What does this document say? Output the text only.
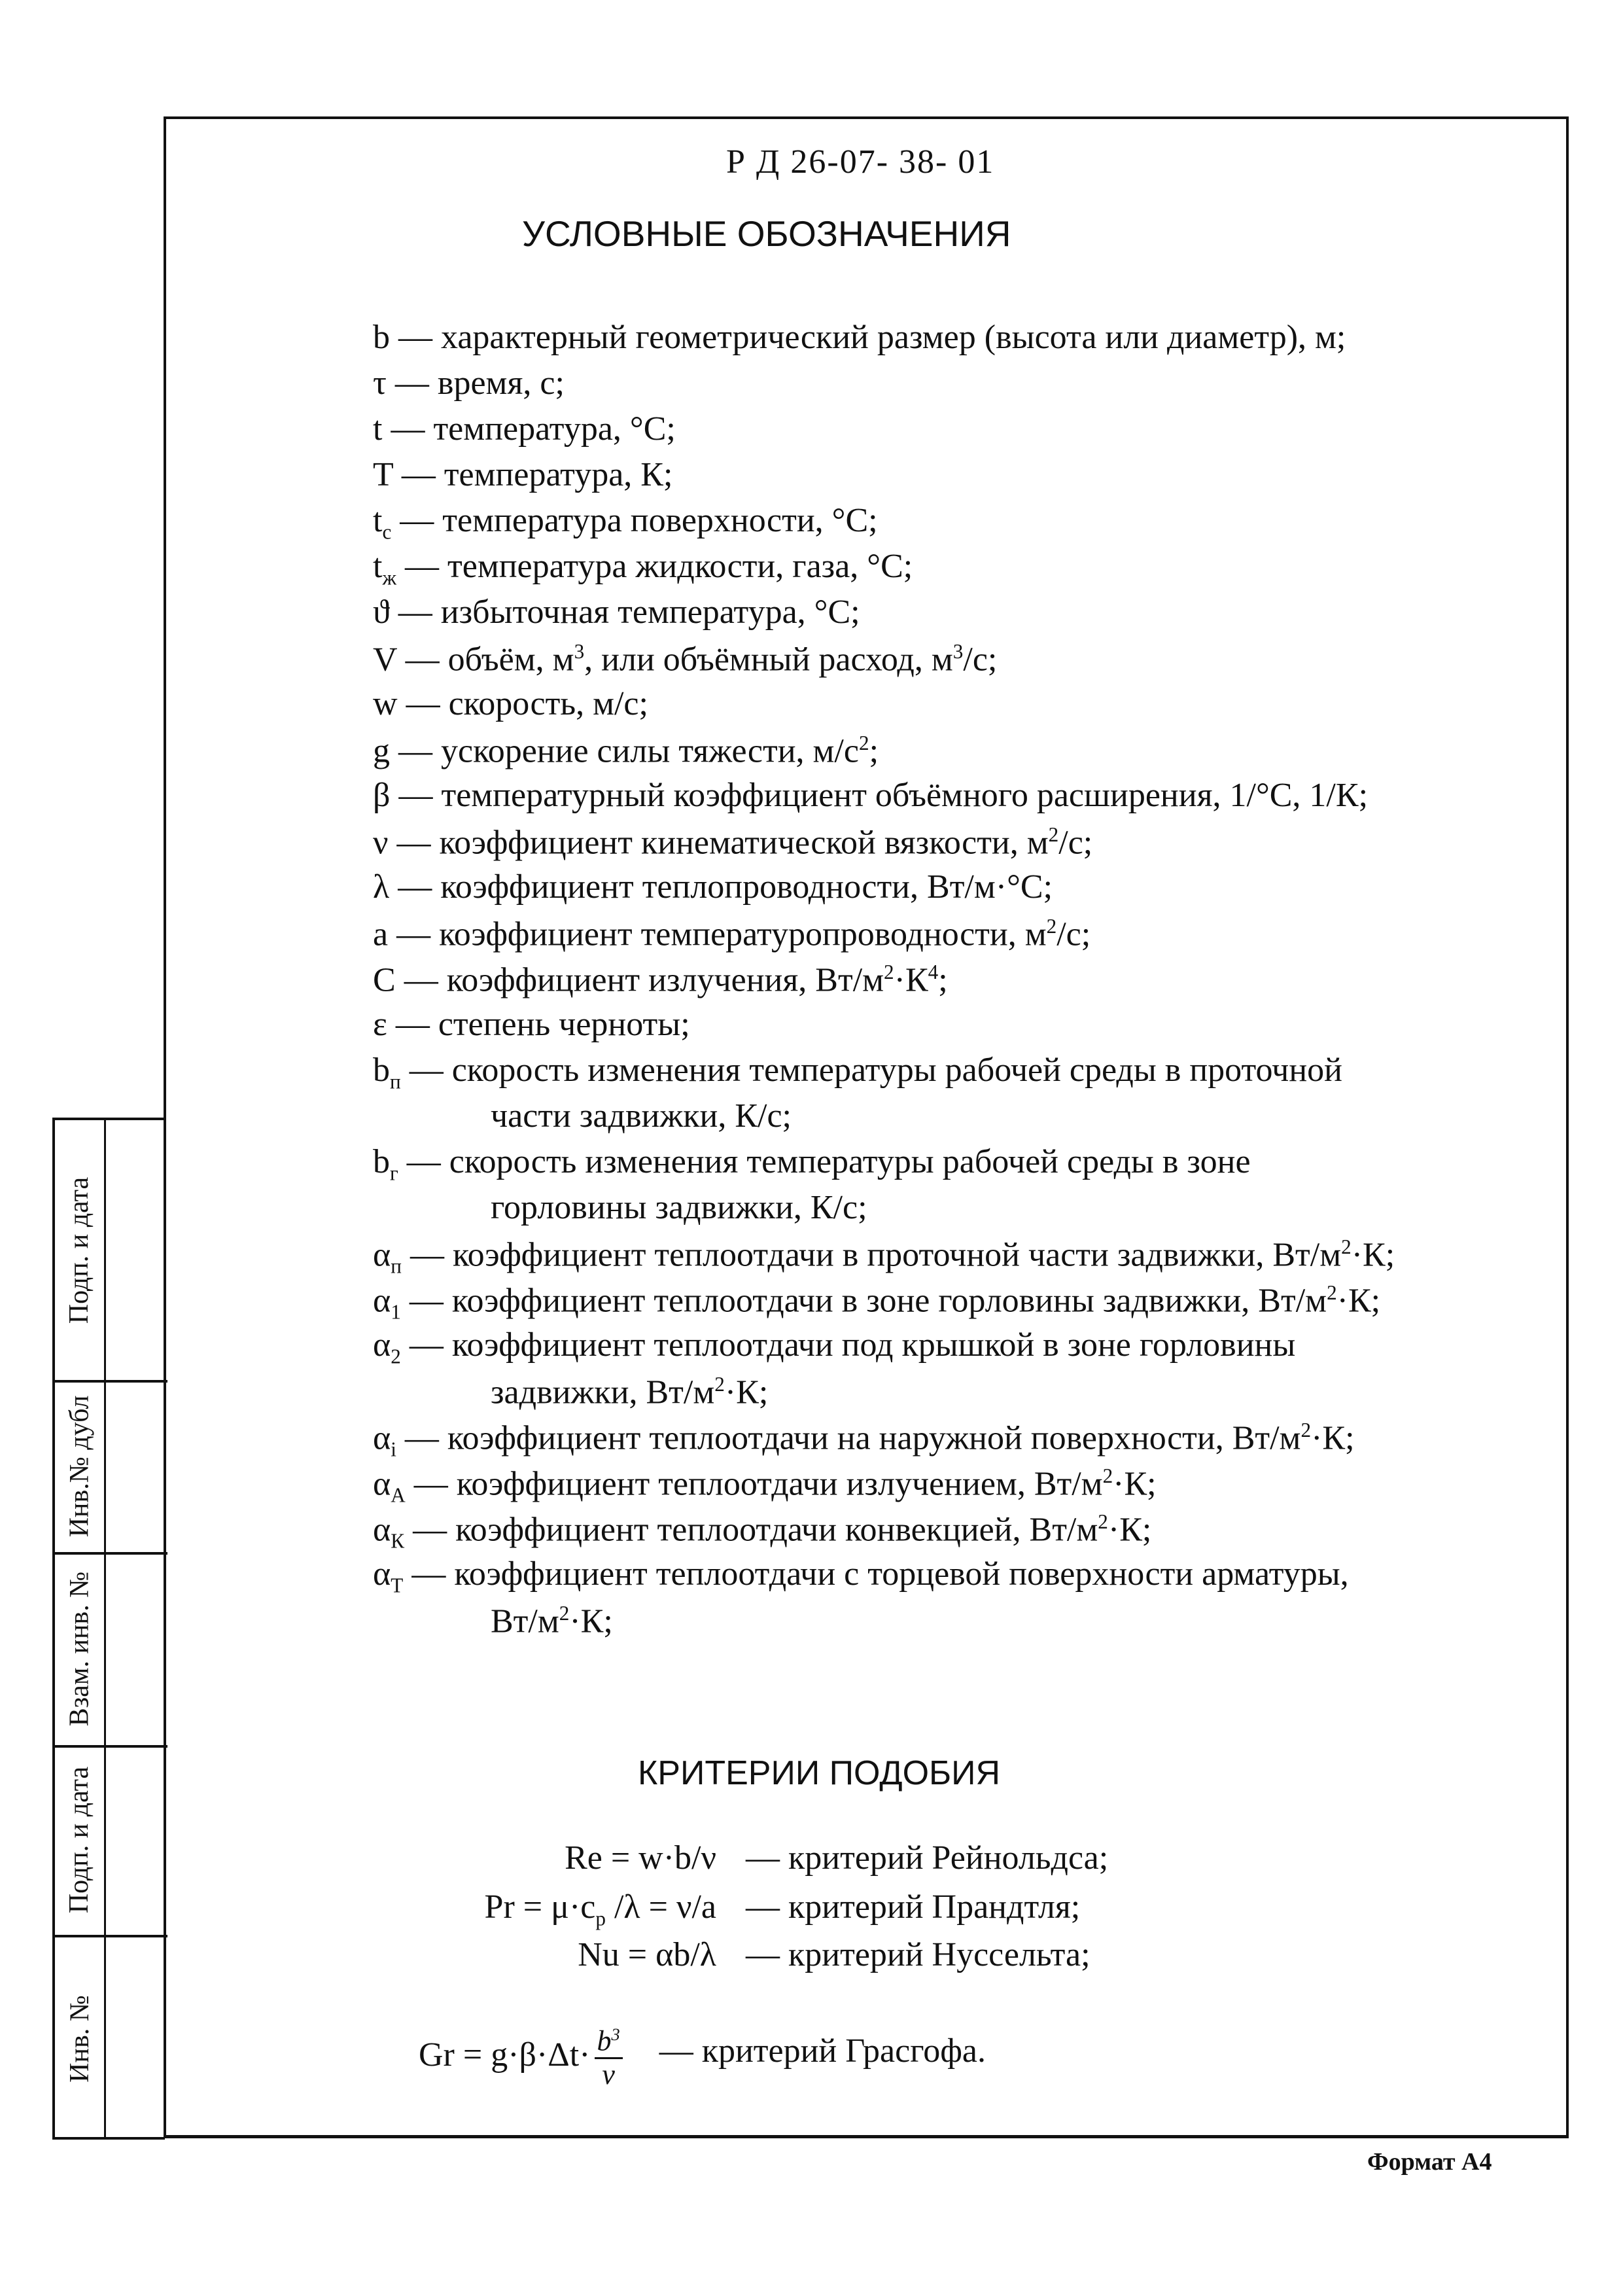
Подп. и дата
Инв.№ дубл
Взам. инв. №
Подп. и дата
Инв. №
Р Д 26-07- 38- 01
УСЛОВНЫЕ ОБОЗНАЧЕНИЯ
b — характерный геометрический размер (высота или диаметр), м;
τ — время, с;
t — температура, °С;
T — температура, К;
$t_с$ — температура поверхности, °С;
$t_ж$ — температура жидкости, газа, °С;
ϑ — избыточная температура, °С;
V — объём, $м^3$, или объёмный расход, $м^3/с$;
w — скорость, м/с;
g — ускорение силы тяжести, $м/с^2$;
β — температурный коэффициент объёмного расширения, 1/°С, 1/К;
ν — коэффициент кинематической вязкости, $м^2/с$;
λ — коэффициент теплопроводности, Вт/м·°С;
a — коэффициент температуропроводности, $м^2/с$;
C — коэффициент излучения, $Вт/м^2\cdot К^4$;
ε — степень черноты;
$b_п$ — скорость изменения температуры рабочей среды в проточной
части задвижки, К/с;
$b_г$ — скорость изменения температуры рабочей среды в зоне
горловины задвижки, К/с;
$\alpha_п$ — коэффициент теплоотдачи в проточной части задвижки, $Вт/м^2\cdot К$;
$\alpha_1$ — коэффициент теплоотдачи в зоне горловины задвижки, $Вт/м^2\cdot К$;
$\alpha_2$ — коэффициент теплоотдачи под крышкой в зоне горловины
задвижки, $Вт/м^2\cdot К$;
$\alpha_i$ — коэффициент теплоотдачи на наружной поверхности, $Вт/м^2\cdot К$;
$\alpha_А$ — коэффициент теплоотдачи излучением, $Вт/м^2\cdot К$;
$\alpha_К$ — коэффициент теплоотдачи конвекцией, $Вт/м^2\cdot К$;
$\alpha_Т$ — коэффициент теплоотдачи с торцевой поверхности арматуры,
$Вт/м^2\cdot К$;
КРИТЕРИИ ПОДОБИЯ
Re = w·b/ν — критерий Рейнольдса;
$Pr = \mu\cdot c_p$ /λ = ν/a — критерий Прандтля;
Nu = αb/λ — критерий Нуссельта;
$Gr = g\cdot\beta\cdot\Delta t\cdot \frac{b^3}{\nu}$ — критерий Грасгофа.
Формат А4
